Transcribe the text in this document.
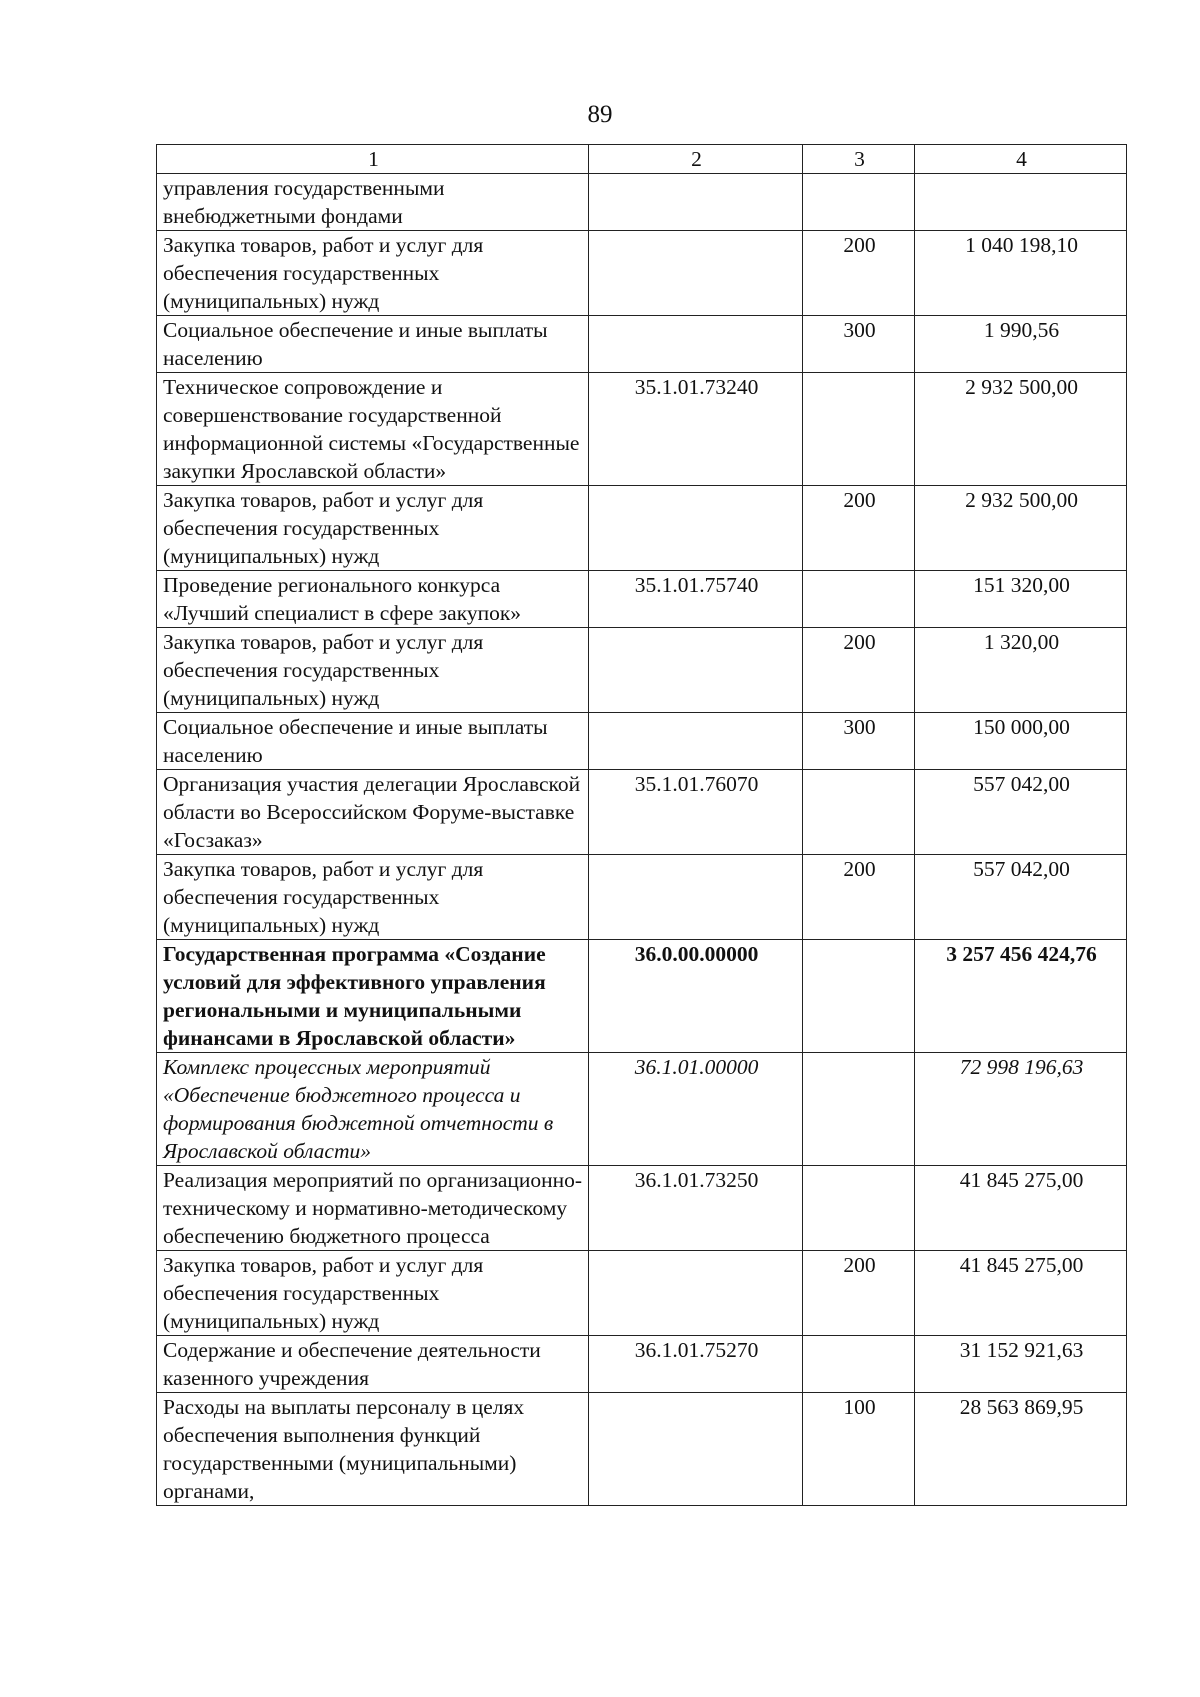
89
1	2	3	4
управления государственными внебюджетными фондами			
Закупка товаров, работ и услуг для обеспечения государственных (муниципальных) нужд		200	1 040 198,10
Социальное обеспечение и иные выплаты населению		300	1 990,56
Техническое сопровождение и совершенствование государственной информационной системы «Государственные закупки Ярославской области»	35.1.01.73240		2 932 500,00
Закупка товаров, работ и услуг для обеспечения государственных (муниципальных) нужд		200	2 932 500,00
Проведение регионального конкурса «Лучший специалист в сфере закупок»	35.1.01.75740		151 320,00
Закупка товаров, работ и услуг для обеспечения государственных (муниципальных) нужд		200	1 320,00
Социальное обеспечение и иные выплаты населению		300	150 000,00
Организация участия делегации Ярославской области во Всероссийском Форуме-выставке «Госзаказ»	35.1.01.76070		557 042,00
Закупка товаров, работ и услуг для обеспечения государственных (муниципальных) нужд		200	557 042,00
Государственная программа «Создание условий для эффективного управления региональными и муниципальными финансами в Ярославской области»	36.0.00.00000		3 257 456 424,76
Комплекс процессных мероприятий «Обеспечение бюджетного процесса и формирования бюджетной отчетности в Ярославской области»	36.1.01.00000		72 998 196,63
Реализация мероприятий по организационно-техническому и нормативно-методическому обеспечению бюджетного процесса	36.1.01.73250		41 845 275,00
Закупка товаров, работ и услуг для обеспечения государственных (муниципальных) нужд		200	41 845 275,00
Содержание и обеспечение деятельности казенного учреждения	36.1.01.75270		31 152 921,63
Расходы на выплаты персоналу в целях обеспечения выполнения функций государственными (муниципальными) органами,		100	28 563 869,95
